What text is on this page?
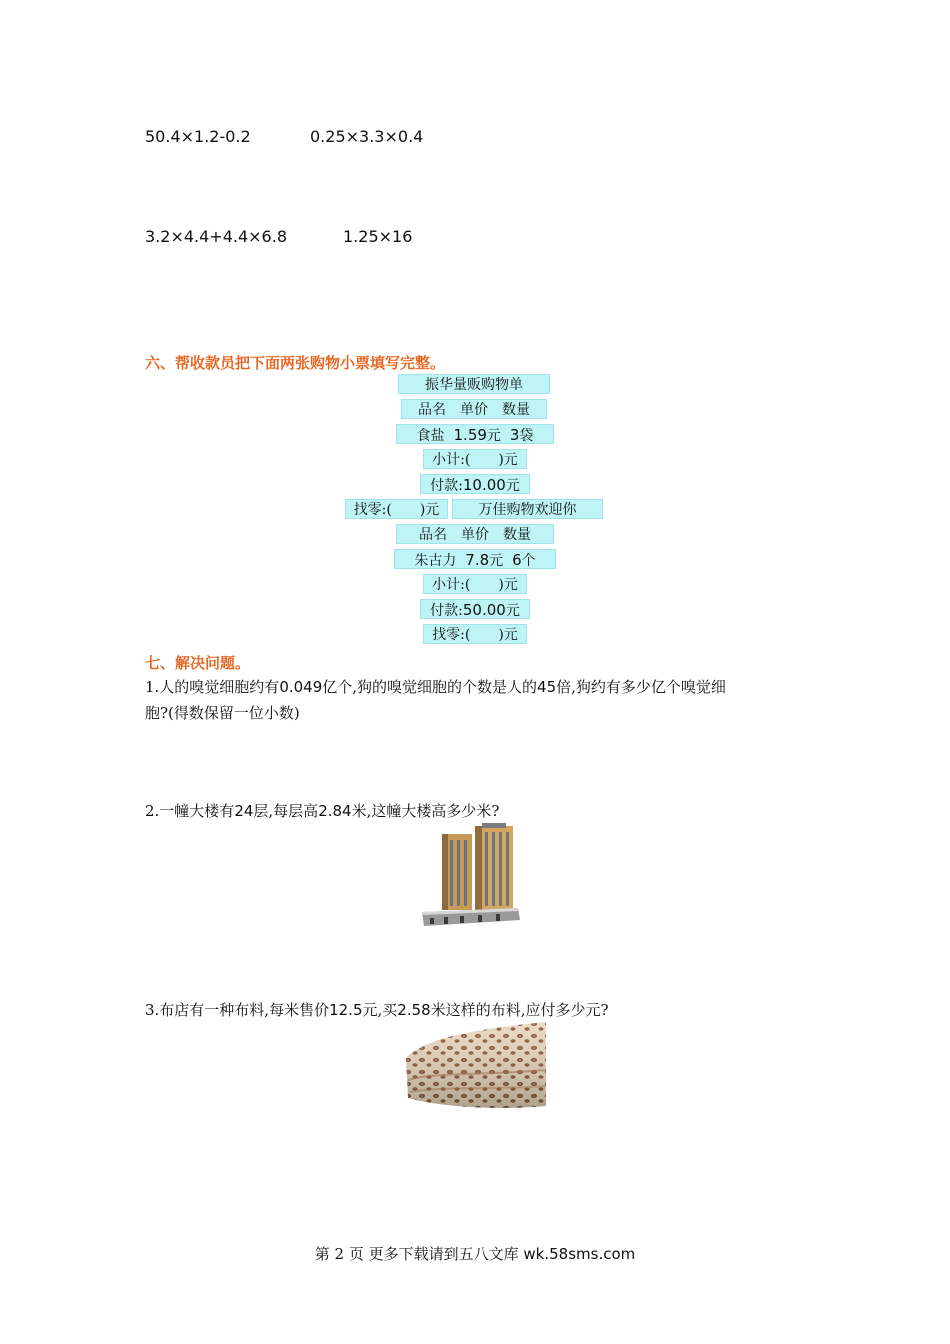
50.4×1.2-0.2	0.25×3.3×0.4
3.2×4.4+4.4×6.8	1.25×16
六、帮收款员把下面两张购物小票填写完整。
振华量贩购物单
品名　单价　数量
食盐 1.59元 3袋
小计:(　　)元
付款:10.00元
找零:(　　)元	万佳购物欢迎你
品名　单价　数量
朱古力 7.8元 6个
小计:(　　)元
付款:50.00元
找零:(　　)元
七、解决问题。
1.人的嗅觉细胞约有0.049亿个,狗的嗅觉细胞的个数是人的45倍,狗约有多少亿个嗅觉细
胞?(得数保留一位小数)
2.一幢大楼有24层,每层高2.84米,这幢大楼高多少米?
3.布店有一种布料,每米售价12.5元,买2.58米这样的布料,应付多少元?
第 2 页 更多下载请到五八文库 wk.58sms.com
